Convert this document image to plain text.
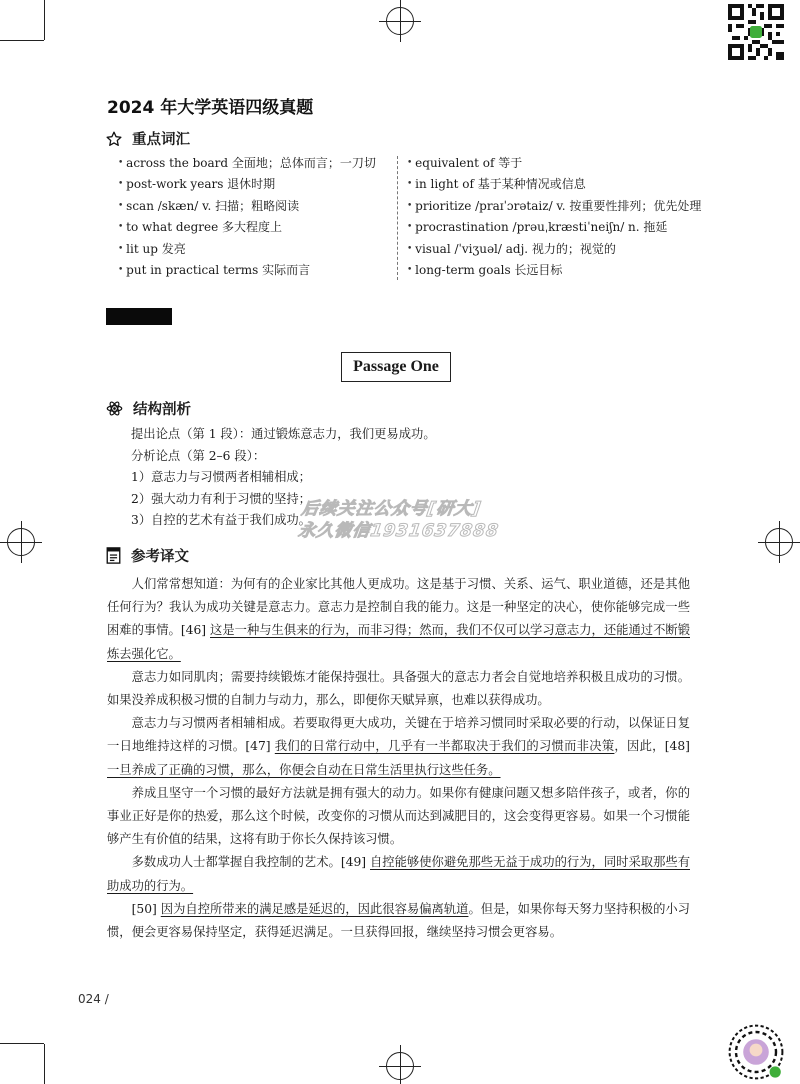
2024 年大学英语四级真题
重点词汇
• across the board 全面地；总体而言；一刀切
• post-work years 退休时期
• scan /skæn/ v. 扫描；粗略阅读
• to what degree 多大程度上
• lit up 发亮
• put in practical terms 实际而言
• equivalent of 等于
• in light of 基于某种情况或信息
• prioritize /praɪˈɔrətaiz/ v. 按重要性排列；优先处理
• procrastination /prəuˌkræstiˈneiʃn/ n. 拖延
• visual /ˈviʒuəl/ adj. 视力的；视觉的
• long-term goals 长远目标
Passage One
结构剖析
提出论点（第 1 段）：通过锻炼意志力，我们更易成功。
分析论点（第 2–6 段）：
1）意志力与习惯两者相辅相成；
2）强大动力有利于习惯的坚持；
3）自控的艺术有益于我们成功。
后续关注公众号[研大]
永久微信19316378​88
参考译文

人们常常想知道：为何有的企业家比其他人更成功。这是基于习惯、关系、运气、职业道德，还是其他任何行为？我认为成功关键是意志力。意志力是控制自我的能力。这是一种坚定的决心，使你能够完成一些困难的事情。[46] 这是一种与生俱来的行为，而非习得；然而，我们不仅可以学习意志力，还能通过不断锻炼去强化它。

意志力如同肌肉；需要持续锻炼才能保持强壮。具备强大的意志力者会自觉地培养积极且成功的习惯。如果没养成积极习惯的自制力与动力，那么，即便你天赋异禀，也难以获得成功。

意志力与习惯两者相辅相成。若要取得更大成功，关键在于培养习惯同时采取必要的行动，以保证日复一日地维持这样的习惯。[47] 我们的日常行动中，几乎有一半都取决于我们的习惯而非决策，因此，[48] 一旦养成了正确的习惯，那么，你便会自动在日常生活里执行这些任务。

养成且坚守一个习惯的最好方法就是拥有强大的动力。如果你有健康问题又想多陪伴孩子，或者，你的事业正好是你的热爱，那么这个时候，改变你的习惯从而达到减肥目的，这会变得更容易。如果一个习惯能够产生有价值的结果，这将有助于你长久保持该习惯。

多数成功人士都掌握自我控制的艺术。[49] 自控能够使你避免那些无益于成功的行为，同时采取那些有助成功的行为。

[50] 因为自控所带来的满足感是延迟的，因此很容易偏离轨道。但是，如果你每天努力坚持积极的小习惯，便会更容易保持坚定，获得延迟满足。一旦获得回报，继续坚持习惯会更容易。

024 /
